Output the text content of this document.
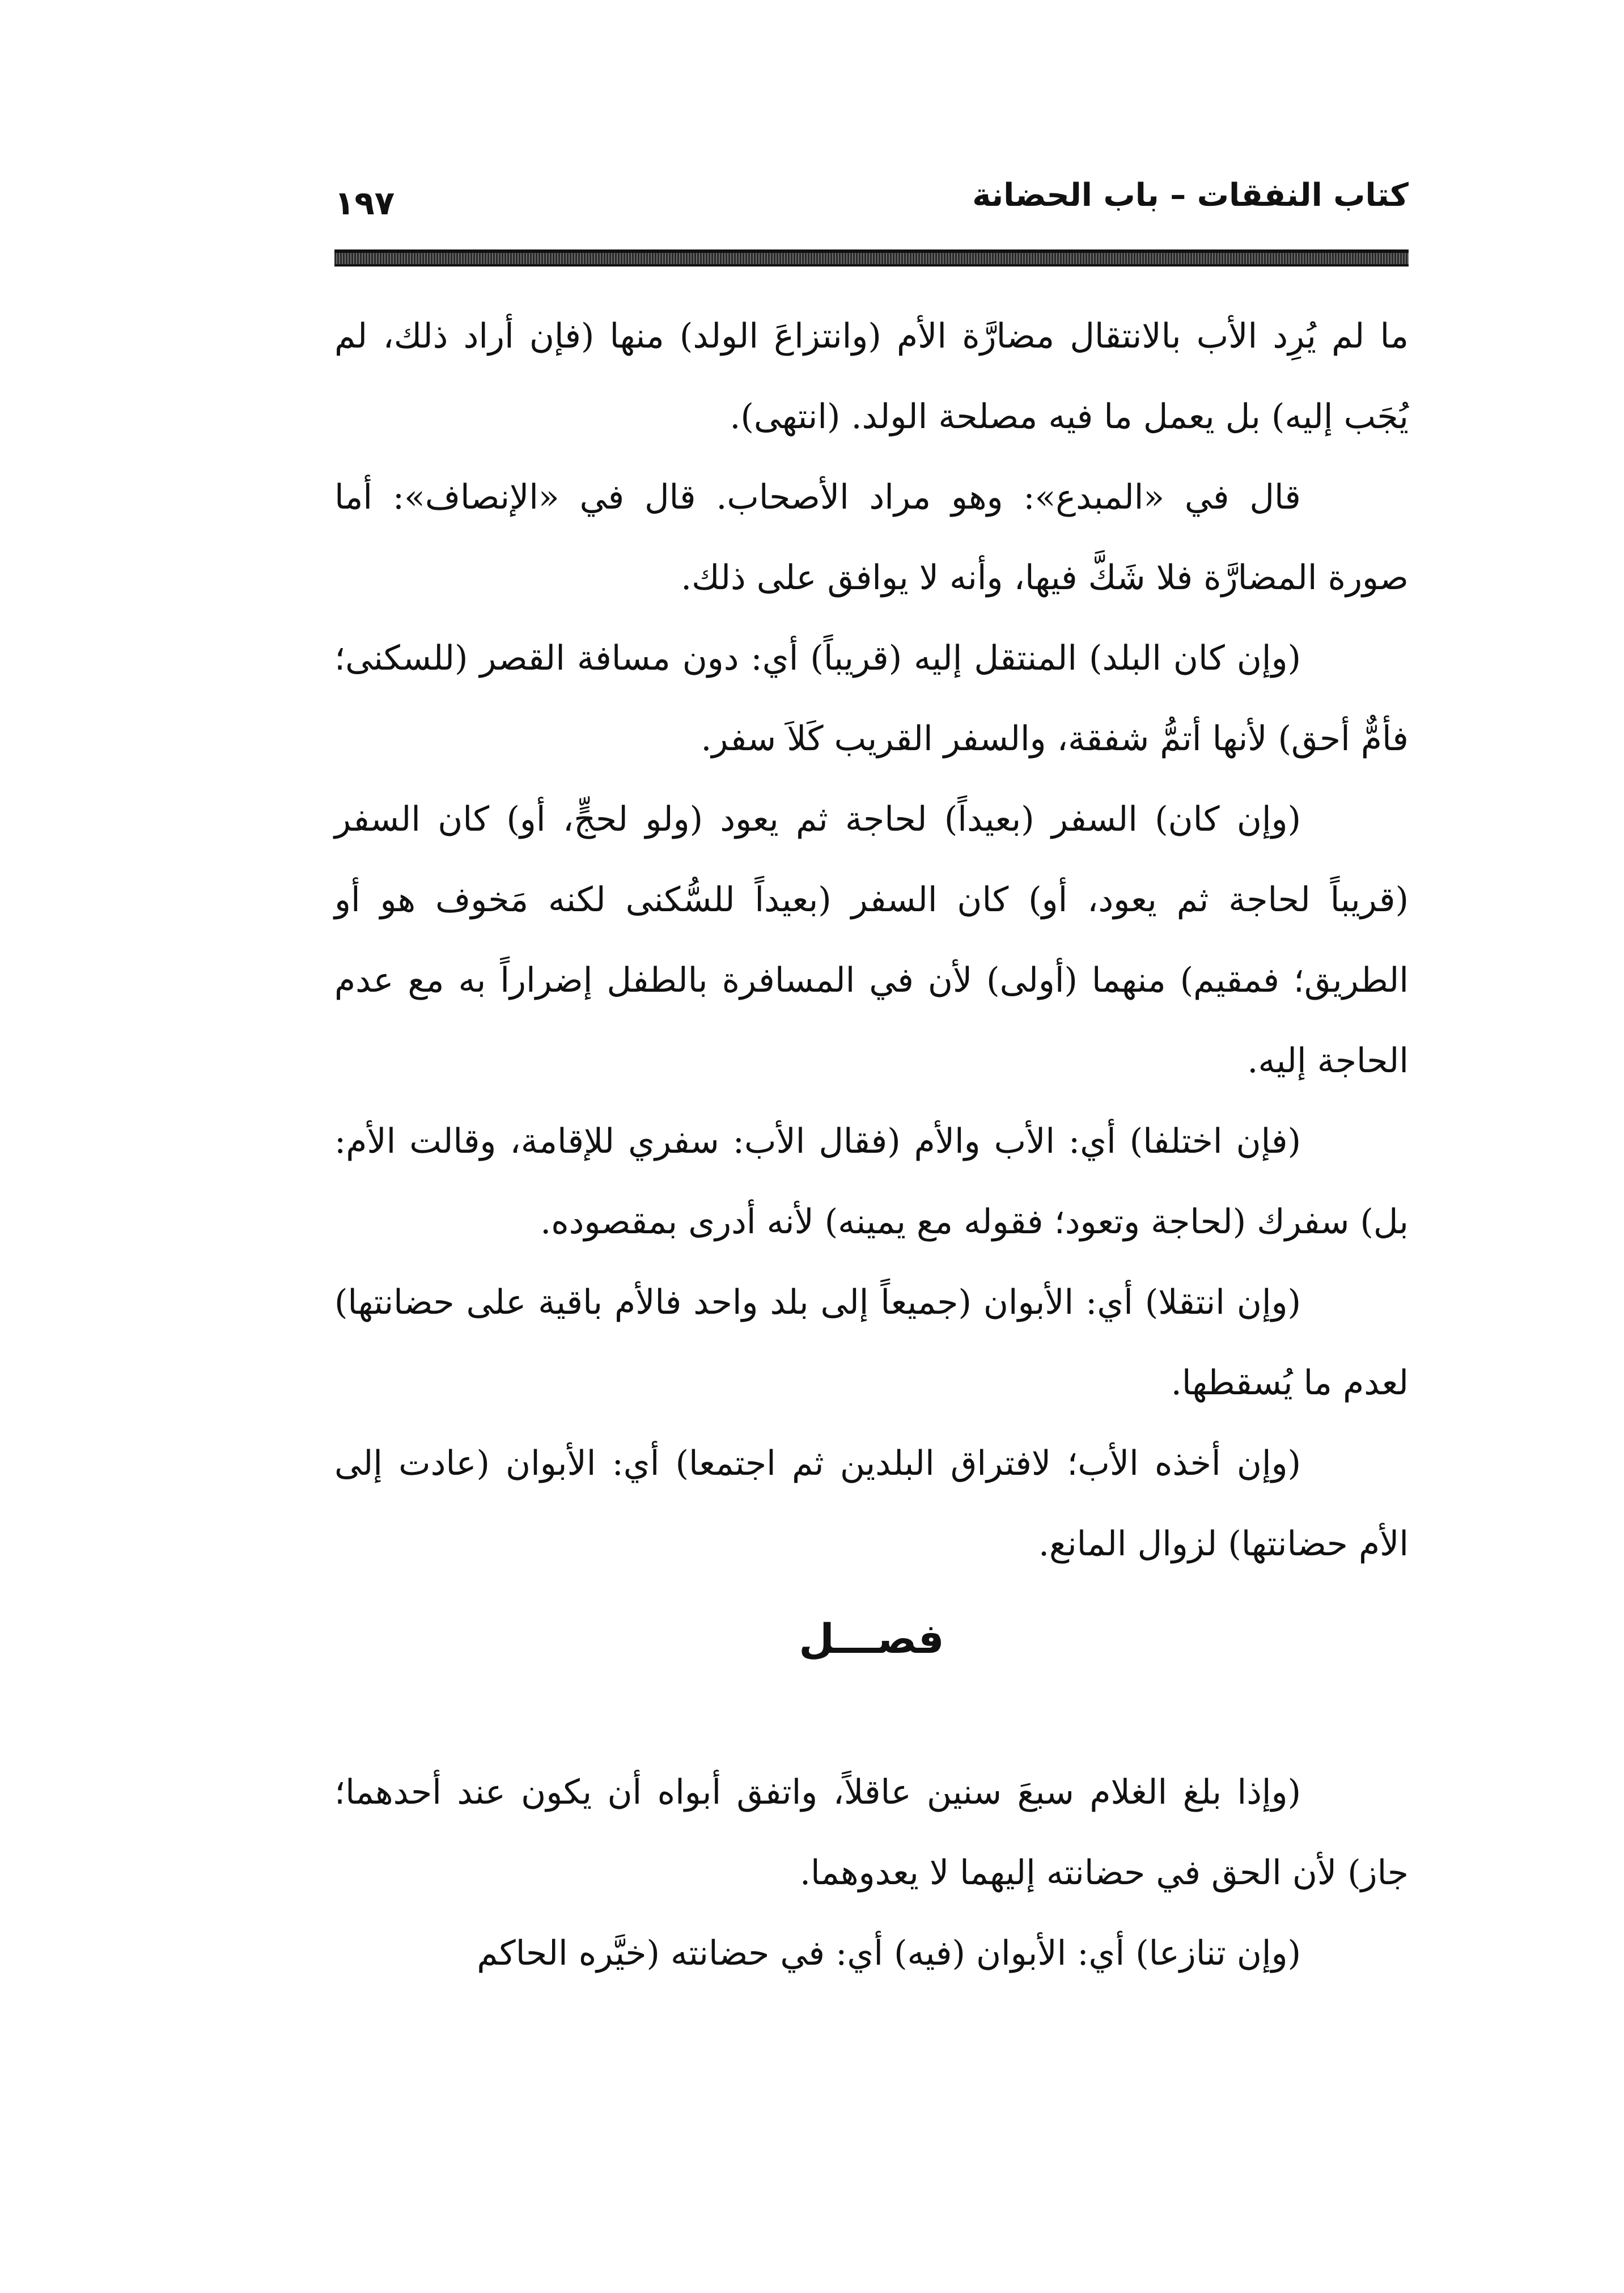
كتاب النفقات – باب الحضانة
١٩٧

ما لم يُرِد الأب بالانتقال مضارَّة الأم (وانتزاعَ الولد) منها (فإن أراد ذلك، لم يُجَب إليه) بل يعمل ما فيه مصلحة الولد. (انتهى).

قال في «المبدع»: وهو مراد الأصحاب. قال في «الإنصاف»: أما صورة المضارَّة فلا شَكَّ فيها، وأنه لا يوافق على ذلك.

(وإن كان البلد) المنتقل إليه (قريباً) أي: دون مسافة القصر (للسكنى؛ فأمٌّ أحق) لأنها أتمُّ شفقة، والسفر القريب كَلاَ سفر.

(وإن كان) السفر (بعيداً) لحاجة ثم يعود (ولو لحجٍّ، أو) كان السفر (قريباً لحاجة ثم يعود، أو) كان السفر (بعيداً للسُّكنى لكنه مَخوف هو أو الطريق؛ فمقيم) منهما (أولى) لأن في المسافرة بالطفل إضراراً به مع عدم الحاجة إليه.

(فإن اختلفا) أي: الأب والأم (فقال الأب: سفري للإقامة، وقالت الأم: بل) سفرك (لحاجة وتعود؛ فقوله مع يمينه) لأنه أدرى بمقصوده.

(وإن انتقلا) أي: الأبوان (جميعاً إلى بلد واحد فالأم باقية على حضانتها) لعدم ما يُسقطها.

(وإن أخذه الأب؛ لافتراق البلدين ثم اجتمعا) أي: الأبوان (عادت إلى الأم حضانتها) لزوال المانع.

فصـــل

(وإذا بلغ الغلام سبعَ سنين عاقلاً، واتفق أبواه أن يكون عند أحدهما؛ جاز) لأن الحق في حضانته إليهما لا يعدوهما.

(وإن تنازعا) أي: الأبوان (فيه) أي: في حضانته (خيَّره الحاكم
